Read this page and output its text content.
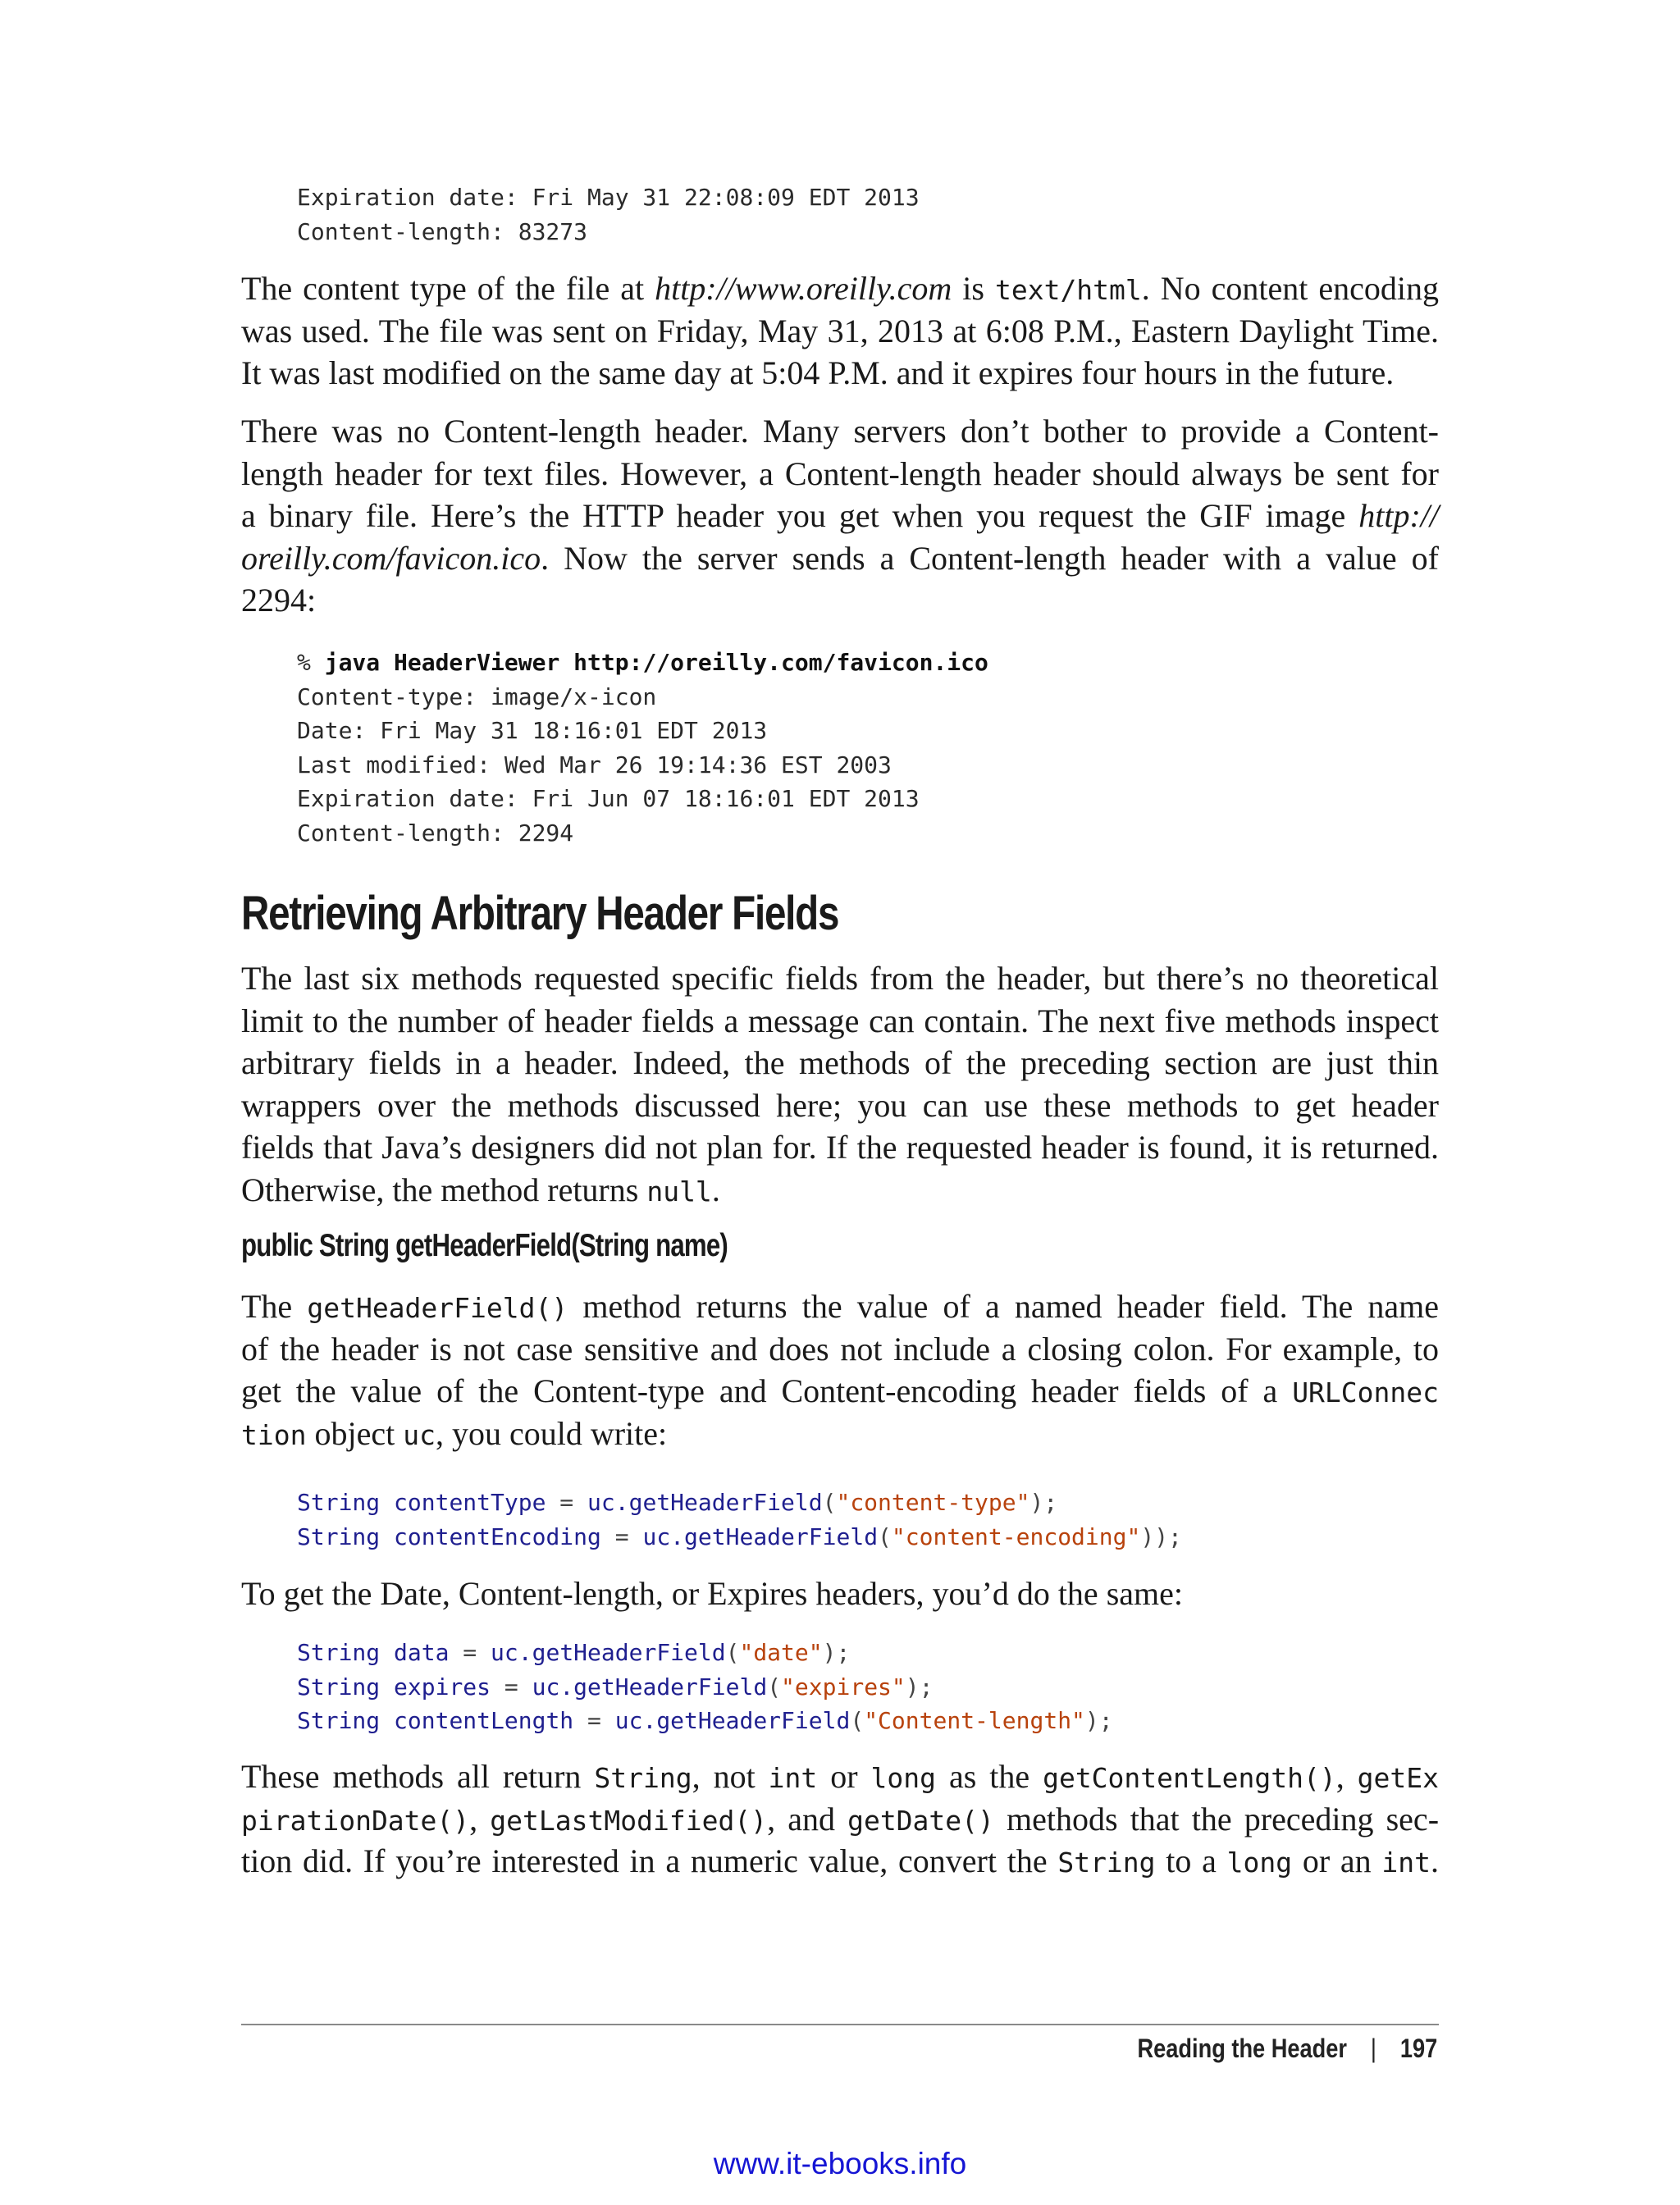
Expiration date: Fri May 31 22:08:09 EDT 2013
Content-length: 83273
The content type of the file at http://www.oreilly.com is text/html. No content encoding
was used. The file was sent on Friday, May 31, 2013 at 6:08 P.M., Eastern Daylight Time.
It was last modified on the same day at 5:04 P.M. and it expires four hours in the future.
There was no Content-length header. Many servers don’t bother to provide a Content-
length header for text files. However, a Content-length header should always be sent for
a binary file. Here’s the HTTP header you get when you request the GIF image http://
oreilly.com/favicon.ico. Now the server sends a Content-length header with a value of
2294:
% java HeaderViewer http://oreilly.com/favicon.ico
Content-type: image/x-icon
Date: Fri May 31 18:16:01 EDT 2013
Last modified: Wed Mar 26 19:14:36 EST 2003
Expiration date: Fri Jun 07 18:16:01 EDT 2013
Content-length: 2294
Retrieving Arbitrary Header Fields
The last six methods requested specific fields from the header, but there’s no theoretical
limit to the number of header fields a message can contain. The next five methods inspect
arbitrary fields in a header. Indeed, the methods of the preceding section are just thin
wrappers over the methods discussed here; you can use these methods to get header
fields that Java’s designers did not plan for. If the requested header is found, it is returned.
Otherwise, the method returns null.
public String getHeaderField(String name)
The getHeaderField() method returns the value of a named header field. The name
of the header is not case sensitive and does not include a closing colon. For example, to
get the value of the Content-type and Content-encoding header fields of a URLConnec
tion object uc, you could write:
String contentType = uc.getHeaderField("content-type");
String contentEncoding = uc.getHeaderField("content-encoding"));
To get the Date, Content-length, or Expires headers, you’d do the same:
String data = uc.getHeaderField("date");
String expires = uc.getHeaderField("expires");
String contentLength = uc.getHeaderField("Content-length");
These methods all return String, not int or long as the getContentLength(), getEx
pirationDate(), getLastModified(), and getDate() methods that the preceding sec-
tion did. If you’re interested in a numeric value, convert the String to a long or an int.
Reading the Header | 197
www.it-ebooks.info
